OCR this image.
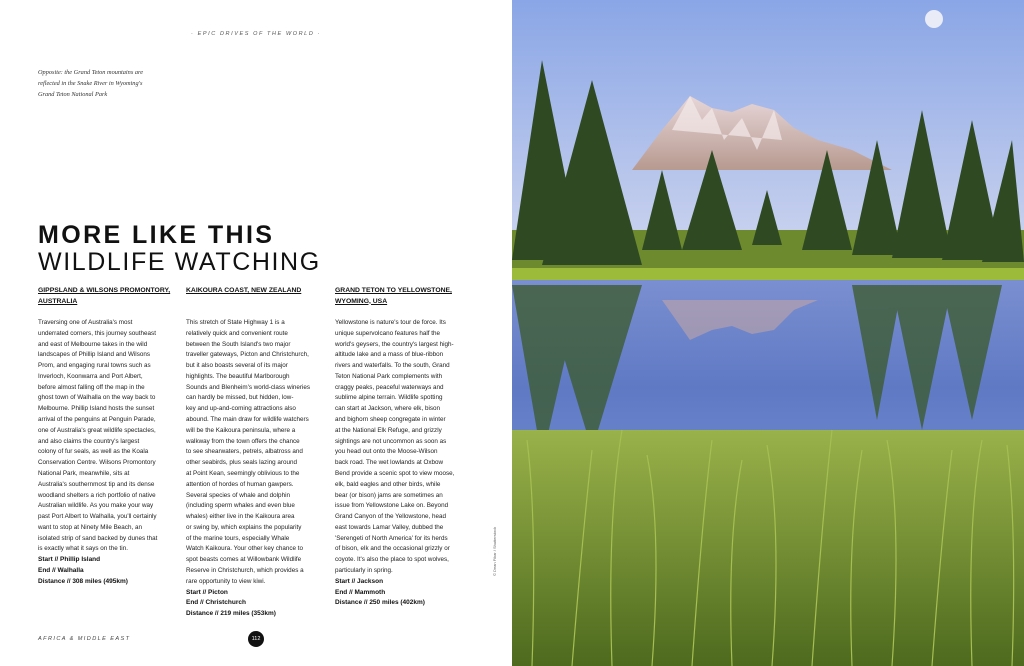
· EPIC DRIVES OF THE WORLD ·
Opposite: the Grand Teton mountains are reflected in the Snake River in Wyoming's Grand Teton National Park
MORE LIKE THIS
WILDLIFE WATCHING
GIPPSLAND & WILSONS PROMONTORY, AUSTRALIA
Traversing one of Australia's most
underrated corners, this journey southeast
and east of Melbourne takes in the wild
landscapes of Phillip Island and Wilsons
Prom, and engaging rural towns such as
Inverloch, Koonwarra and Port Albert,
before almost falling off the map in the
ghost town of Walhalla on the way back to
Melbourne. Phillip Island hosts the sunset
arrival of the penguins at Penguin Parade,
one of Australia's great wildlife spectacles,
and also claims the country's largest
colony of fur seals, as well as the Koala
Conservation Centre. Wilsons Promontory
National Park, meanwhile, sits at
Australia's southernmost tip and its dense
woodland shelters a rich portfolio of native
Australian wildlife. As you make your way
past Port Albert to Walhalla, you'll certainly
want to stop at Ninety Mile Beach, an
isolated strip of sand backed by dunes that
is exactly what it says on the tin.
Start // Phillip Island
End // Walhalla
Distance // 308 miles (495km)
KAIKOURA COAST, NEW ZEALAND
This stretch of State Highway 1 is a
relatively quick and convenient route
between the South Island's two major
traveller gateways, Picton and Christchurch,
but it also boasts several of its major
highlights. The beautiful Marlborough
Sounds and Blenheim's world-class wineries
can hardly be missed, but hidden, low-
key and up-and-coming attractions also
abound. The main draw for wildlife watchers
will be the Kaikoura peninsula, where a
walkway from the town offers the chance
to see shearwaters, petrels, albatross and
other seabirds, plus seals lazing around
at Point Kean, seemingly oblivious to the
attention of hordes of human gawpers.
Several species of whale and dolphin
(including sperm whales and even blue
whales) either live in the Kaikoura area
or swing by, which explains the popularity
of the marine tours, especially Whale
Watch Kaikoura. Your other key chance to
spot beasts comes at Willowbank Wildlife
Reserve in Christchurch, which provides a
rare opportunity to view kiwi.
Start // Picton
End // Christchurch
Distance // 219 miles (353km)
GRAND TETON TO YELLOWSTONE, WYOMING, USA
Yellowstone is nature's tour de force. Its
unique supervolcano features half the
world's geysers, the country's largest high-
altitude lake and a mass of blue-ribbon
rivers and waterfalls. To the south, Grand
Teton National Park complements with
craggy peaks, peaceful waterways and
sublime alpine terrain. Wildlife spotting
can start at Jackson, where elk, bison
and bighorn sheep congregate in winter
at the National Elk Refuge, and grizzly
sightings are not uncommon as soon as
you head out onto the Moose-Wilson
back road. The wet lowlands at Oxbow
Bend provide a scenic spot to view moose,
elk, bald eagles and other birds, while
bear (or bison) jams are sometimes an
issue from Yellowstone Lake on. Beyond
Grand Canyon of the Yellowstone, head
east towards Lamar Valley, dubbed the
'Serengeti of North America' for its herds
of bison, elk and the occasional grizzly or
coyote. It's also the place to spot wolves,
particularly in spring.
Start // Jackson
End // Mammoth
Distance // 250 miles (402km)
AFRICA & MIDDLE EAST	112
© Dean Fikar / Shutterstock
